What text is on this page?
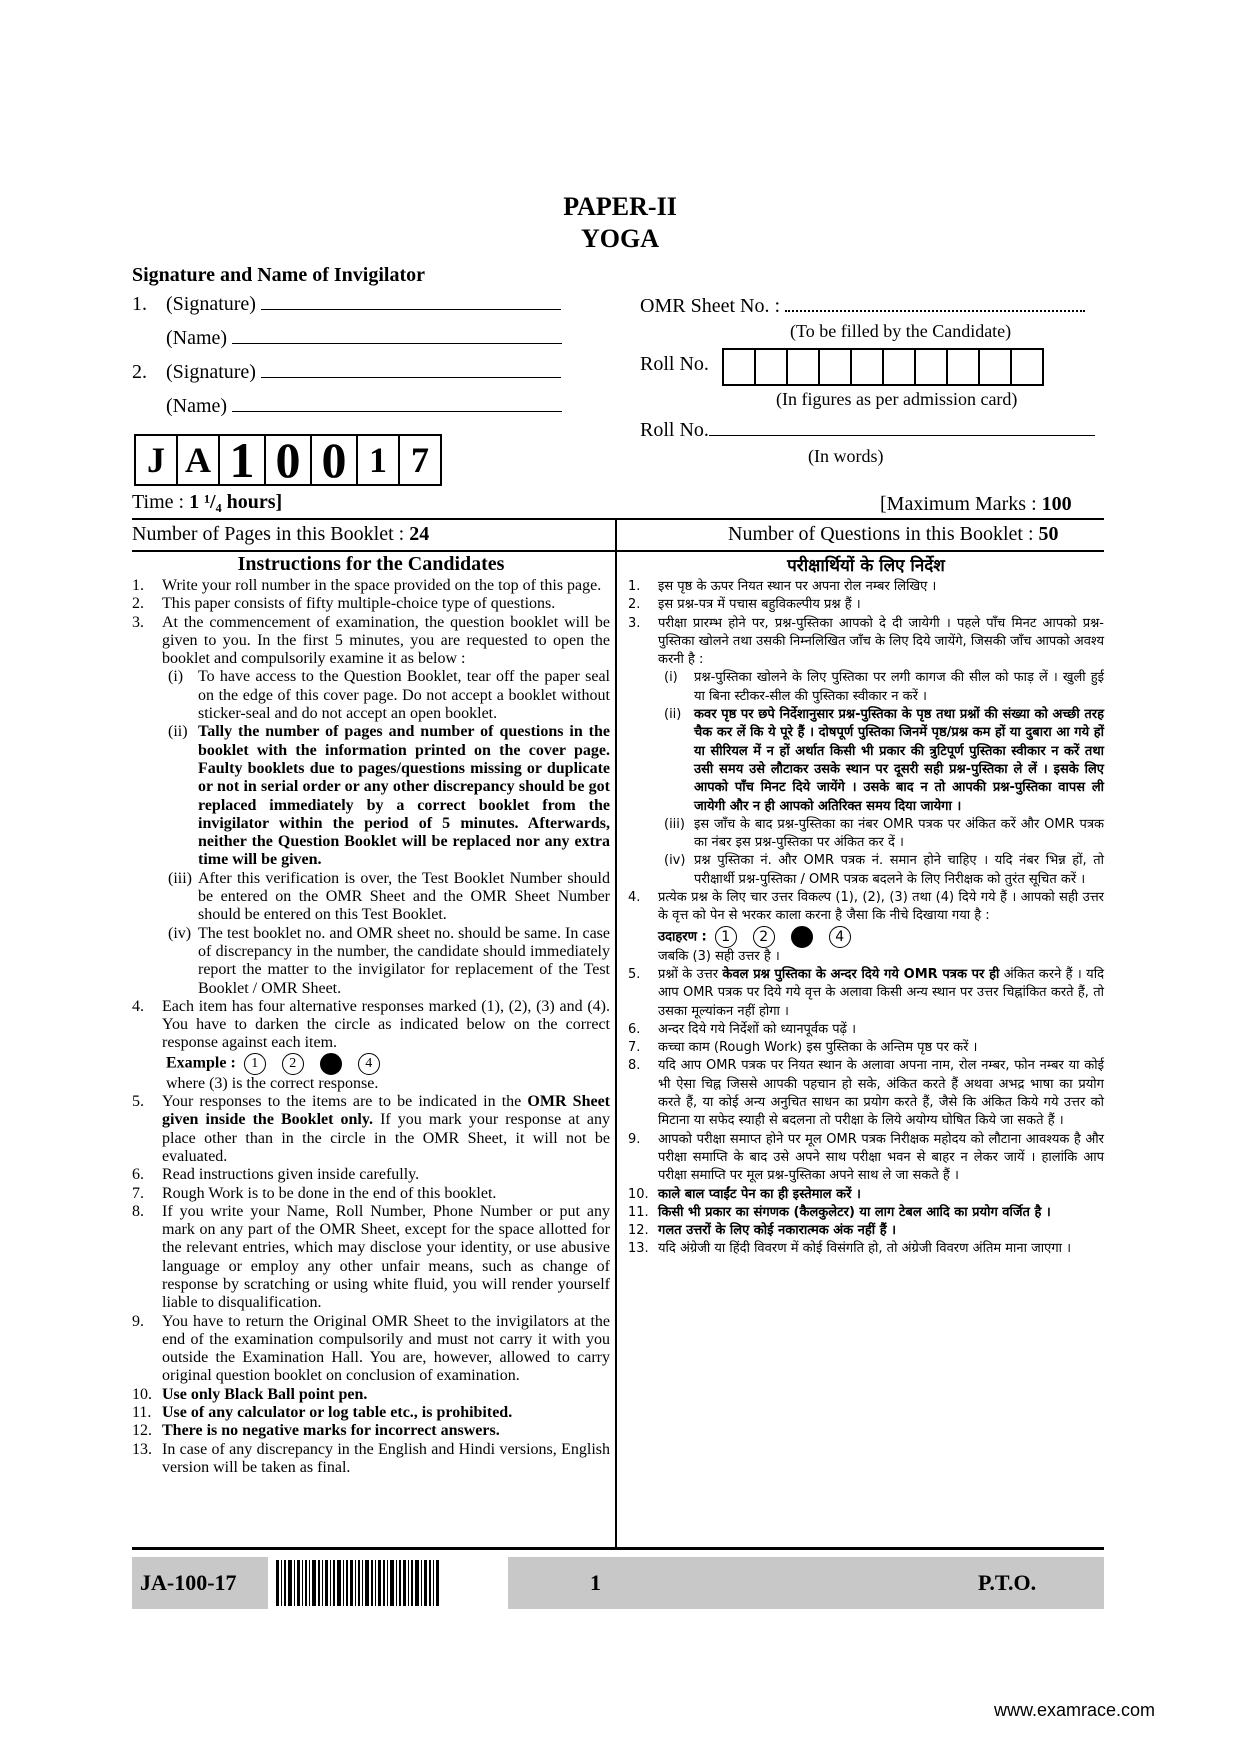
PAPER-II
YOGA
Signature and Name of Invigilator
1. (Signature)
(Name)
2. (Signature)
(Name)
J A 1 0 0 1 7
OMR Sheet No. :
(To be filled by the Candidate)
Roll No.
(In figures as per admission card)
Roll No.
(In words)
Time : 1 ¹/₄ hours]	[Maximum Marks : 100
Number of Pages in this Booklet : 24	Number of Questions in this Booklet : 50
Instructions for the Candidates
1. Write your roll number in the space provided on the top of this page.
2. This paper consists of fifty multiple-choice type of questions.
3. At the commencement of examination, the question booklet will be given to you. In the first 5 minutes, you are requested to open the booklet and compulsorily examine it as below :
(i) To have access to the Question Booklet, tear off the paper seal on the edge of this cover page. Do not accept a booklet without sticker-seal and do not accept an open booklet.
(ii) Tally the number of pages and number of questions in the booklet with the information printed on the cover page. Faulty booklets due to pages/questions missing or duplicate or not in serial order or any other discrepancy should be got replaced immediately by a correct booklet from the invigilator within the period of 5 minutes. Afterwards, neither the Question Booklet will be replaced nor any extra time will be given.
(iii) After this verification is over, the Test Booklet Number should be entered on the OMR Sheet and the OMR Sheet Number should be entered on this Test Booklet.
(iv) The test booklet no. and OMR sheet no. should be same. In case of discrepancy in the number, the candidate should immediately report the matter to the invigilator for replacement of the Test Booklet / OMR Sheet.
4. Each item has four alternative responses marked (1), (2), (3) and (4). You have to darken the circle as indicated below on the correct response against each item.
Example : 1 2	4
where (3) is the correct response.
5. Your responses to the items are to be indicated in the OMR Sheet given inside the Booklet only. If you mark your response at any place other than in the circle in the OMR Sheet, it will not be evaluated.
6. Read instructions given inside carefully.
7. Rough Work is to be done in the end of this booklet.
8. If you write your Name, Roll Number, Phone Number or put any mark on any part of the OMR Sheet, except for the space allotted for the relevant entries, which may disclose your identity, or use abusive language or employ any other unfair means, such as change of response by scratching or using white fluid, you will render yourself liable to disqualification.
9. You have to return the Original OMR Sheet to the invigilators at the end of the examination compulsorily and must not carry it with you outside the Examination Hall. You are, however, allowed to carry original question booklet on conclusion of examination.
10. Use only Black Ball point pen.
11. Use of any calculator or log table etc., is prohibited.
12. There is no negative marks for incorrect answers.
13. In case of any discrepancy in the English and Hindi versions, English version will be taken as final.
परीक्षार्थियों के लिए निर्देश
1. इस पृष्ठ के ऊपर नियत स्थान पर अपना रोल नम्बर लिखिए ।
2. इस प्रश्न-पत्र में पचास बहुविकल्पीय प्रश्न हैं ।
3. परीक्षा प्रारम्भ होने पर, प्रश्न-पुस्तिका आपको दे दी जायेगी । पहले पाँच मिनट आपको प्रश्न-पुस्तिका खोलने तथा उसकी निम्नलिखित जाँच के लिए दिये जायेंगे, जिसकी जाँच आपको अवश्य करनी है :
(i) प्रश्न-पुस्तिका खोलने के लिए पुस्तिका पर लगी कागज की सील को फाड़ लें । खुली हुई या बिना स्टीकर-सील की पुस्तिका स्वीकार न करें ।
(ii) कवर पृष्ठ पर छपे निर्देशानुसार प्रश्न-पुस्तिका के पृष्ठ तथा प्रश्नों की संख्या को अच्छी तरह चैक कर लें कि ये पूरे हैं । दोषपूर्ण पुस्तिका जिनमें पृष्ठ/प्रश्न कम हों या दुबारा आ गये हों या सीरियल में न हों अर्थात किसी भी प्रकार की त्रुटिपूर्ण पुस्तिका स्वीकार न करें तथा उसी समय उसे लौटाकर उसके स्थान पर दूसरी सही प्रश्न-पुस्तिका ले लें । इसके लिए आपको पाँच मिनट दिये जायेंगे । उसके बाद न तो आपकी प्रश्न-पुस्तिका वापस ली जायेगी और न ही आपको अतिरिक्त समय दिया जायेगा ।
(iii) इस जाँच के बाद प्रश्न-पुस्तिका का नंबर OMR पत्रक पर अंकित करें और OMR पत्रक का नंबर इस प्रश्न-पुस्तिका पर अंकित कर दें ।
(iv) प्रश्न पुस्तिका नं. और OMR पत्रक नं. समान होने चाहिए । यदि नंबर भिन्न हों, तो परीक्षार्थी प्रश्न-पुस्तिका / OMR पत्रक बदलने के लिए निरीक्षक को तुरंत सूचित करें ।
4. प्रत्येक प्रश्न के लिए चार उत्तर विकल्प (1), (2), (3) तथा (4) दिये गये हैं । आपको सही उत्तर के वृत्त को पेन से भरकर काला करना है जैसा कि नीचे दिखाया गया है :
उदाहरण : 1 2	4
जबकि (3) सही उत्तर है ।
5. प्रश्नों के उत्तर केवल प्रश्न पुस्तिका के अन्दर दिये गये OMR पत्रक पर ही अंकित करने हैं । यदि आप OMR पत्रक पर दिये गये वृत्त के अलावा किसी अन्य स्थान पर उत्तर चिह्नांकित करते हैं, तो उसका मूल्यांकन नहीं होगा ।
6. अन्दर दिये गये निर्देशों को ध्यानपूर्वक पढ़ें ।
7. कच्चा काम (Rough Work) इस पुस्तिका के अन्तिम पृष्ठ पर करें ।
8. यदि आप OMR पत्रक पर नियत स्थान के अलावा अपना नाम, रोल नम्बर, फोन नम्बर या कोई भी ऐसा चिह्न जिससे आपकी पहचान हो सके, अंकित करते हैं अथवा अभद्र भाषा का प्रयोग करते हैं, या कोई अन्य अनुचित साधन का प्रयोग करते हैं, जैसे कि अंकित किये गये उत्तर को मिटाना या सफेद स्याही से बदलना तो परीक्षा के लिये अयोग्य घोषित किये जा सकते हैं ।
9. आपको परीक्षा समाप्त होने पर मूल OMR पत्रक निरीक्षक महोदय को लौटाना आवश्यक है और परीक्षा समाप्ति के बाद उसे अपने साथ परीक्षा भवन से बाहर न लेकर जायें । हालांकि आप परीक्षा समाप्ति पर मूल प्रश्न-पुस्तिका अपने साथ ले जा सकते हैं ।
10. काले बाल प्वाईंट पेन का ही इस्तेमाल करें ।
11. किसी भी प्रकार का संगणक (कैलकुलेटर) या लाग टेबल आदि का प्रयोग वर्जित है ।
12. गलत उत्तरों के लिए कोई नकारात्मक अंक नहीं हैं ।
13. यदि अंग्रेजी या हिंदी विवरण में कोई विसंगति हो, तो अंग्रेजी विवरण अंतिम माना जाएगा ।
JA-100-17	1	P.T.O.
www.examrace.com
